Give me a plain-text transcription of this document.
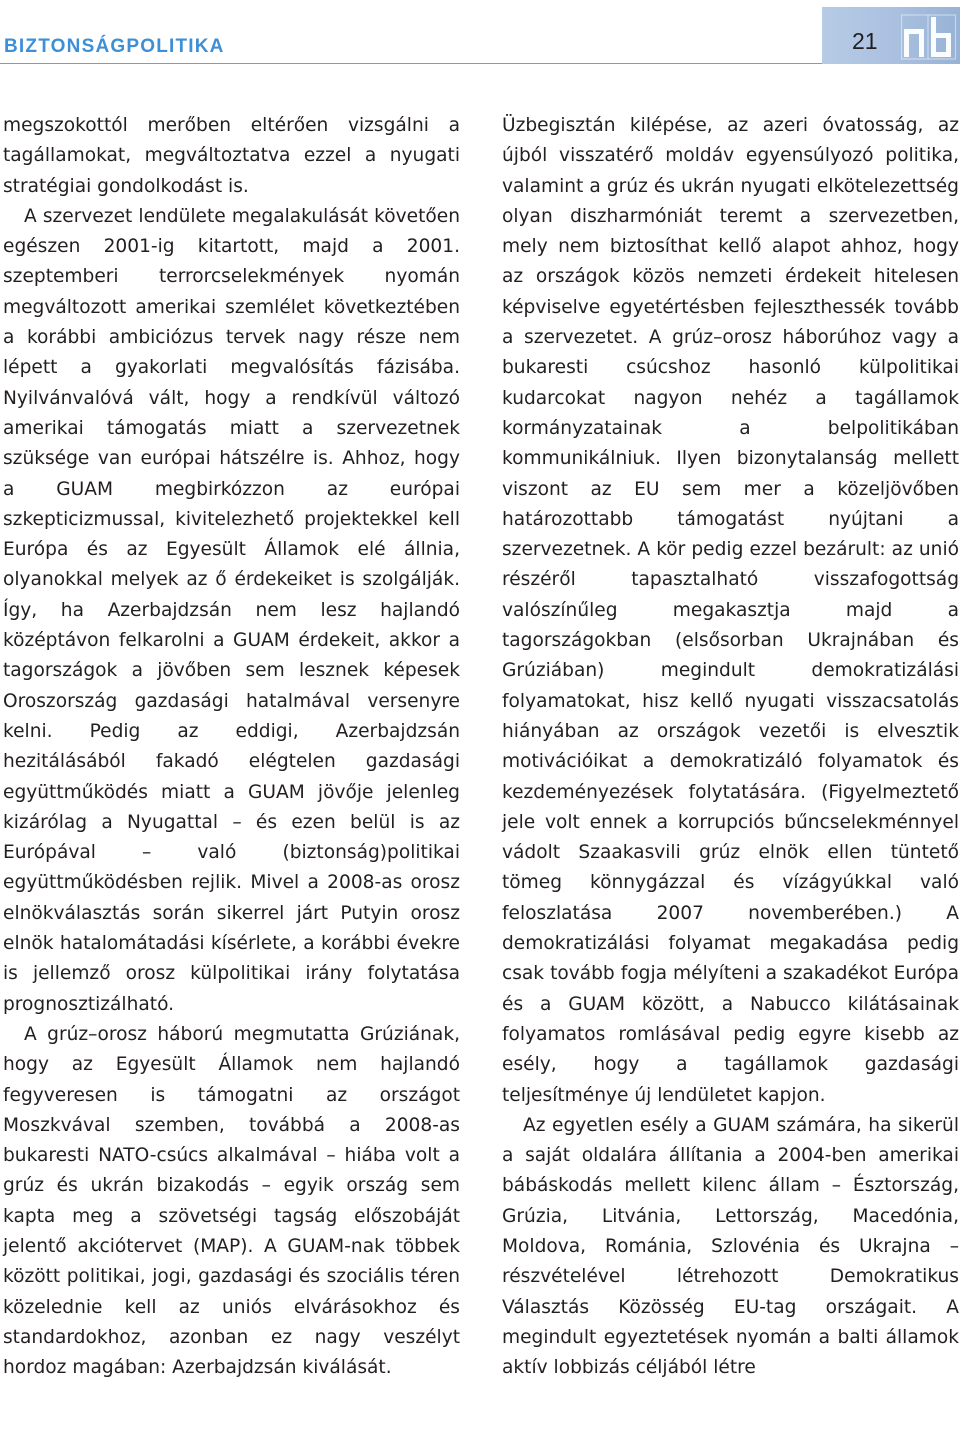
BIZTONSÁGPOLITIKA	21

megszokottól merőben eltérően vizsgálni a tagállamokat, megváltoztatva ezzel a nyugati stratégiai gondolkodást is.

A szervezet lendülete megalakulását követően egészen 2001-ig kitartott, majd a 2001. szeptemberi terrorcselekmények nyomán megváltozott amerikai szemlélet következtében a korábbi ambiciózus tervek nagy része nem lépett a gyakorlati megvalósítás fázisába. Nyilvánvalóvá vált, hogy a rendkívül változó amerikai támogatás miatt a szervezetnek szüksége van európai hátszélre is. Ahhoz, hogy a GUAM megbirkózzon az európai szkepticizmussal, kivitelezhető projektekkel kell Európa és az Egyesült Államok elé állnia, olyanokkal melyek az ő érdekeiket is szolgálják. Így, ha Azerbajdzsán nem lesz hajlandó középtávon felkarolni a GUAM érdekeit, akkor a tagországok a jövőben sem lesznek képesek Oroszország gazdasági hatalmával versenyre kelni. Pedig az eddigi, Azerbajdzsán hezitálásából fakadó elégtelen gazdasági együttműködés miatt a GUAM jövője jelenleg kizárólag a Nyugattal – és ezen belül is az Európával – való (biztonság)politikai együttműködésben rejlik. Mivel a 2008-as orosz elnökválasztás során sikerrel járt Putyin orosz elnök hatalomátadási kísérlete, a korábbi évekre is jellemző orosz külpolitikai irány folytatása prognosztizálható.

A grúz–orosz háború megmutatta Grúziának, hogy az Egyesült Államok nem hajlandó fegyveresen is támogatni az országot Moszkvával szemben, továbbá a 2008-as bukaresti NATO-csúcs alkalmával – hiába volt a grúz és ukrán bizakodás – egyik ország sem kapta meg a szövetségi tagság előszobáját jelentő akciótervet (MAP). A GUAM-nak többek között politikai, jogi, gazdasági és szociális téren közelednie kell az uniós elvárásokhoz és standardokhoz, azonban ez nagy veszélyt hordoz magában: Azerbajdzsán kiválását.

Üzbegisztán kilépése, az azeri óvatosság, az újból visszatérő moldáv egyensúlyozó politika, valamint a grúz és ukrán nyugati elkötelezettség olyan diszharmóniát teremt a szervezetben, mely nem biztosíthat kellő alapot ahhoz, hogy az országok közös nemzeti érdekeit hitelesen képviselve egyetértésben fejleszthessék tovább a szervezetet. A grúz–orosz háborúhoz vagy a bukaresti csúcshoz hasonló külpolitikai kudarcokat nagyon nehéz a tagállamok kormányzatainak a belpolitikában kommunikálniuk. Ilyen bizonytalanság mellett viszont az EU sem mer a közeljövőben határozottabb támogatást nyújtani a szervezetnek. A kör pedig ezzel bezárult: az unió részéről tapasztalható visszafogottság valószínűleg megakasztja majd a tagországokban (elsősorban Ukrajnában és Grúziában) megindult demokratizálási folyamatokat, hisz kellő nyugati visszacsatolás hiányában az országok vezetői is elvesztik motivációikat a demokratizáló folyamatok és kezdeményezések folytatására. (Figyelmeztető jele volt ennek a korrupciós bűncselekménnyel vádolt Szaakasvili grúz elnök ellen tüntető tömeg könnygázzal és vízágyúkkal való feloszlatása 2007 novemberében.) A demokratizálási folyamat megakadása pedig csak tovább fogja mélyíteni a szakadékot Európa és a GUAM között, a Nabucco kilátásainak folyamatos romlásával pedig egyre kisebb az esély, hogy a tagállamok gazdasági teljesítménye új lendületet kapjon.

Az egyetlen esély a GUAM számára, ha sikerül a saját oldalára állítania a 2004-ben amerikai bábáskodás mellett kilenc állam – Észtország, Grúzia, Litvánia, Lettország, Macedónia, Moldova, Románia, Szlovénia és Ukrajna – részvételével létrehozott Demokratikus Választás Közösség EU-tag országait. A megindult egyeztetések nyomán a balti államok aktív lobbizás céljából létre
